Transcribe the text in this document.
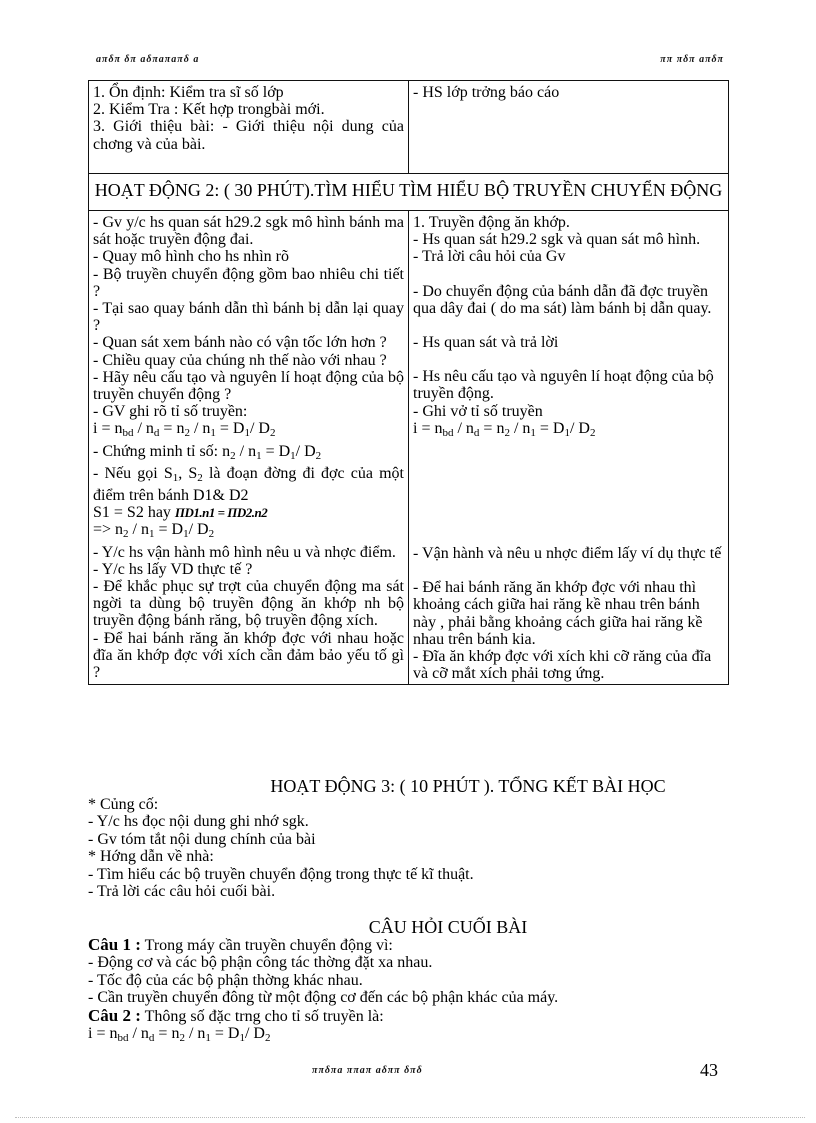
ɑπδπ δπ ɑδπɑπɑπδ ɑ	ππ πδπ ɑπδπ

1. Ổn định: Kiểm tra sĩ số lớp

2. Kiểm Tra : Kết hợp trongbài mới.

3. Giới thiệu bài: - Giới thiệu nội dung của chơng và của bài.

- HS lớp trởng báo cáo

HOẠT ĐỘNG 2: ( 30 PHÚT).TÌM HIỂU TÌM HIỂU BỘ TRUYỀN CHUYỂN ĐỘNG

- Gv y/c hs quan sát h29.2 sgk mô hình bánh ma sát hoặc truyền động đai.

- Quay mô hình cho hs nhìn rõ

- Bộ truyền chuyển động gồm bao nhiêu chi tiết ?

- Tại sao quay bánh dẫn thì bánh bị dẫn lại quay ?

- Quan sát xem bánh nào có vận tốc lớn hơn ?

- Chiều quay của chúng nh thế nào với nhau ?

- Hãy nêu cấu tạo và nguyên lí hoạt động của bộ truyền chuyển động ?

- GV ghi rõ tỉ số truyền:

$i = n_{bd} / n_d = n_2 / n_1 = D_1/$ $D_2$

- Chứng minh tỉ số: $n_2 / n_1 = D_1/$ $D_2$

- Nếu gọi $S_1$, $S_2$ là đoạn đờng đi đợc của một điểm trên bánh D1& D2

S1 = S2 hay ΠD1.n1 = ΠD2.n2

=> $n_2 / n_1 = D_1/$ $D_2$

- Y/c hs vận hành mô hình nêu u và nhợc điểm.

- Y/c hs lấy VD thực tế ?

- Để khắc phục sự trợt của chuyển động ma sát ngời ta dùng bộ truyền động ăn khớp nh bộ truyền động bánh răng, bộ truyền động xích.

- Để hai bánh răng ăn khớp đợc với nhau hoặc đĩa ăn khớp đợc với xích cần đảm bảo yếu tố gì ?

1. Truyền động ăn khớp.

- Hs quan sát h29.2 sgk và quan sát mô hình.

- Trả lời câu hỏi của Gv

- Do chuyển động của bánh dẫn đã đợc truyền qua dây đai ( do ma sát) làm bánh bị dẫn quay.

- Hs quan sát và trả lời

- Hs nêu cấu tạo và nguyên lí hoạt động của bộ truyền động.

- Ghi vở tỉ số truyền

$i = n_{bd} / n_d = n_2 / n_1 = D_1/$ $D_2$

- Vận hành và nêu u nhợc điểm lấy ví dụ thực tế

- Để hai bánh răng ăn khớp đợc với nhau thì khoảng cách giữa hai răng kề nhau trên bánh này , phải bằng khoảng cách giữa hai răng kề nhau trên bánh kia.

- Đĩa ăn khớp đợc với xích khi cỡ răng của đĩa và cỡ mắt xích phải tơng ứng.

HOẠT ĐỘNG 3: ( 10 PHÚT ). TỔNG KẾT BÀI HỌC
* Củng cố:
- Y/c hs đọc nội dung ghi nhớ sgk.
- Gv tóm tắt nội dung chính của bài
* Hớng dẫn về nhà:
- Tìm hiểu các bộ truyền chuyển động trong thực tế kĩ thuật.
- Trả lời các câu hỏi cuối bài.
CÂU HỎI CUỐI BÀI
Câu 1 : Trong máy cần truyền chuyển động vì:
- Động cơ và các bộ phận công tác thờng đặt xa nhau.
- Tốc độ của các bộ phận thờng khác nhau.
- Cần truyền chuyển đông từ một động cơ đến các bộ phận khác của máy.
Câu 2 : Thông số đặc trng cho tỉ số truyền là:
$i = n_{bd} / n_d = n_2 / n_1 = D_1/$ $D_2$
ππδπɑ ππɑπ ɑδππ δπδ	43
